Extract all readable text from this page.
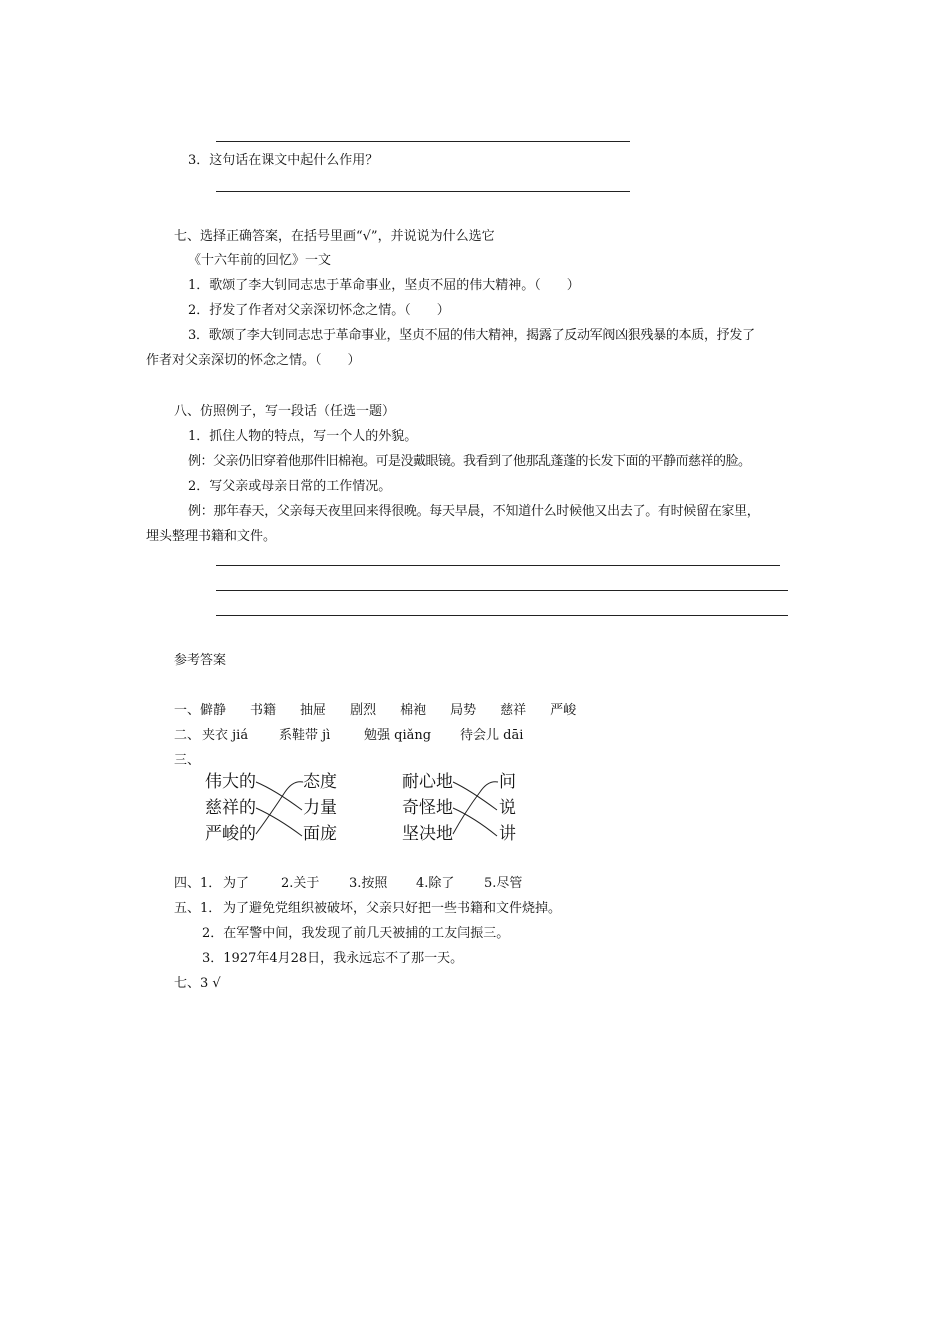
3．这句话在课文中起什么作用？
七、选择正确答案，在括号里画“√”，并说说为什么选它
《十六年前的回忆》一文
1．歌颂了李大钊同志忠于革命事业，坚贞不屈的伟大精神。（　　）
2．抒发了作者对父亲深切怀念之情。（　　）
3．歌颂了李大钊同志忠于革命事业，坚贞不屈的伟大精神，揭露了反动军阀凶狠残暴的本质，抒发了
作者对父亲深切的怀念之情。（　　）
八、仿照例子，写一段话（任选一题）
1．抓住人物的特点，写一个人的外貌。
例：父亲仍旧穿着他那件旧棉袍。可是没戴眼镜。我看到了他那乱蓬蓬的长发下面的平静而慈祥的脸。
2．写父亲或母亲日常的工作情况。
例：那年春天，父亲每天夜里回来得很晚。每天早晨，不知道什么时候他又出去了。有时候留在家里，
埋头整理书籍和文件。
参考答案
一、僻静 书籍 抽屉 剧烈 棉袍 局势 慈祥 严峻
二、 夹衣 jiá 系鞋带 jì	勉强 qiǎng 待会儿 dāi
三、
伟大的
慈祥的
严峻的
态度
力量
面庞
耐心地
奇怪地
坚决地
问
说
讲
四、1． 为了 2.关于 3.按照 4.除了 5.尽管
五、1． 为了避免党组织被破坏，父亲只好把一些书籍和文件烧掉。
2．在军警中间，我发现了前几天被捕的工友闫振三。
3．1927年4月28日，我永远忘不了那一天。
七、3 √
